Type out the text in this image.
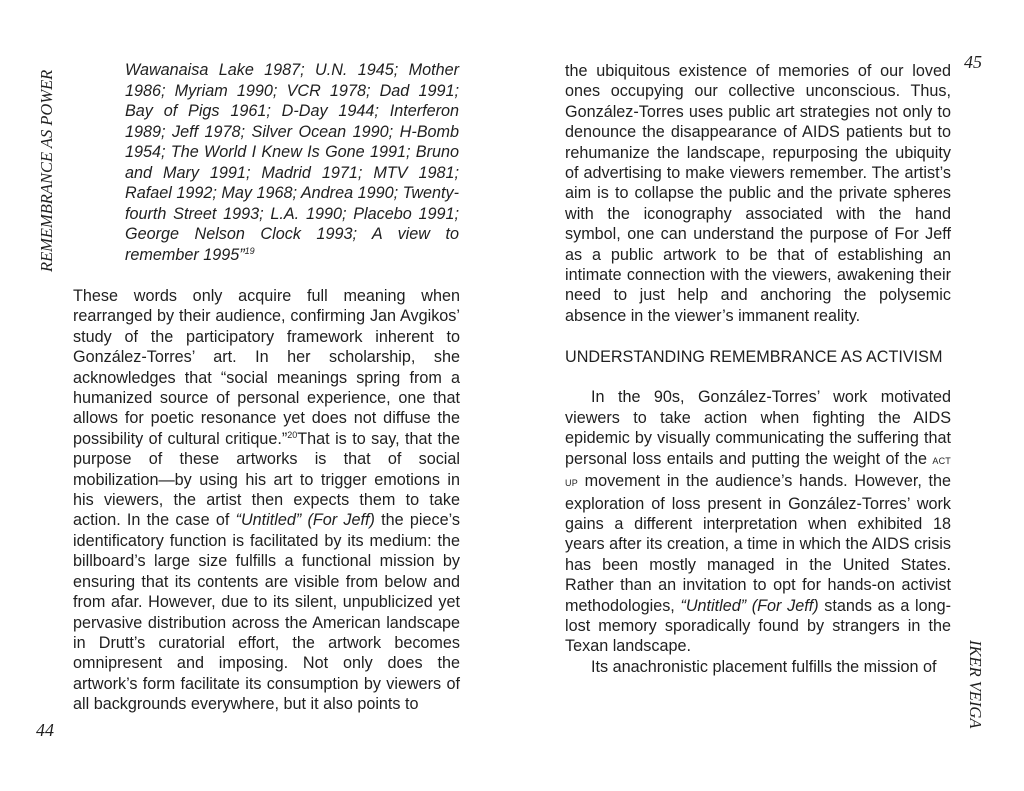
REMEMBRANCE AS POWER
44

Wawanaisa Lake 1987; U.N. 1945; Mother 1986; Myriam 1990; VCR 1978; Dad 1991; Bay of Pigs 1961; D-Day 1944; Interferon 1989; Jeff 1978; Silver Ocean 1990; H-Bomb 1954; The World I Knew Is Gone 1991; Bruno and Mary 1991; Madrid 1971; MTV 1981; Rafael 1992; May 1968; Andrea 1990; Twenty-fourth Street 1993; L.A. 1990; Placebo 1991; George Nelson Clock 1993; A view to remember 1995”$^{19}$

These words only acquire full meaning when rearranged by their audience, confirming Jan Avgikos’ study of the participatory framework inherent to González-Torres’ art. In her scholarship, she acknowledges that “social meanings spring from a humanized source of personal experience, one that allows for poetic resonance yet does not diffuse the possibility of cultural critique.”$^{20}$That is to say, that the purpose of these artworks is that of social mobilization—by using his art to trigger emotions in his viewers, the artist then expects them to take action. In the case of “Untitled” (For Jeff) the piece’s identificatory function is facilitated by its medium: the billboard’s large size fulfills a functional mission by ensuring that its contents are visible from below and from afar. However, due to its silent, unpublicized yet pervasive distribution across the American landscape in Drutt’s curatorial effort, the artwork becomes omnipresent and imposing. Not only does the artwork’s form facilitate its consumption by viewers of all backgrounds everywhere, but it also points to

45
IKER VEIGA

the ubiquitous existence of memories of our loved ones occupying our collective unconscious. Thus, González-Torres uses public art strategies not only to denounce the disappearance of AIDS patients but to rehumanize the landscape, repurposing the ubiquity of advertising to make viewers remember. The artist’s aim is to collapse the public and the private spheres with the iconography associated with the hand symbol, one can understand the purpose of For Jeff as a public artwork to be that of establishing an intimate connection with the viewers, awakening their need to just help and anchoring the polysemic absence in the viewer’s immanent reality.

UNDERSTANDING REMEMBRANCE AS ACTIVISM

In the 90s, González-Torres’ work motivated viewers to take action when fighting the AIDS epidemic by visually communicating the suffering that personal loss entails and putting the weight of the ACT UP movement in the audience’s hands. However, the exploration of loss present in González-Torres’ work gains a different interpretation when exhibited 18 years after its creation, a time in which the AIDS crisis has been mostly managed in the United States. Rather than an invitation to opt for hands-on activist methodologies, “Untitled” (For Jeff) stands as a long-lost memory sporadically found by strangers in the Texan landscape.

Its anachronistic placement fulfills the mission of
